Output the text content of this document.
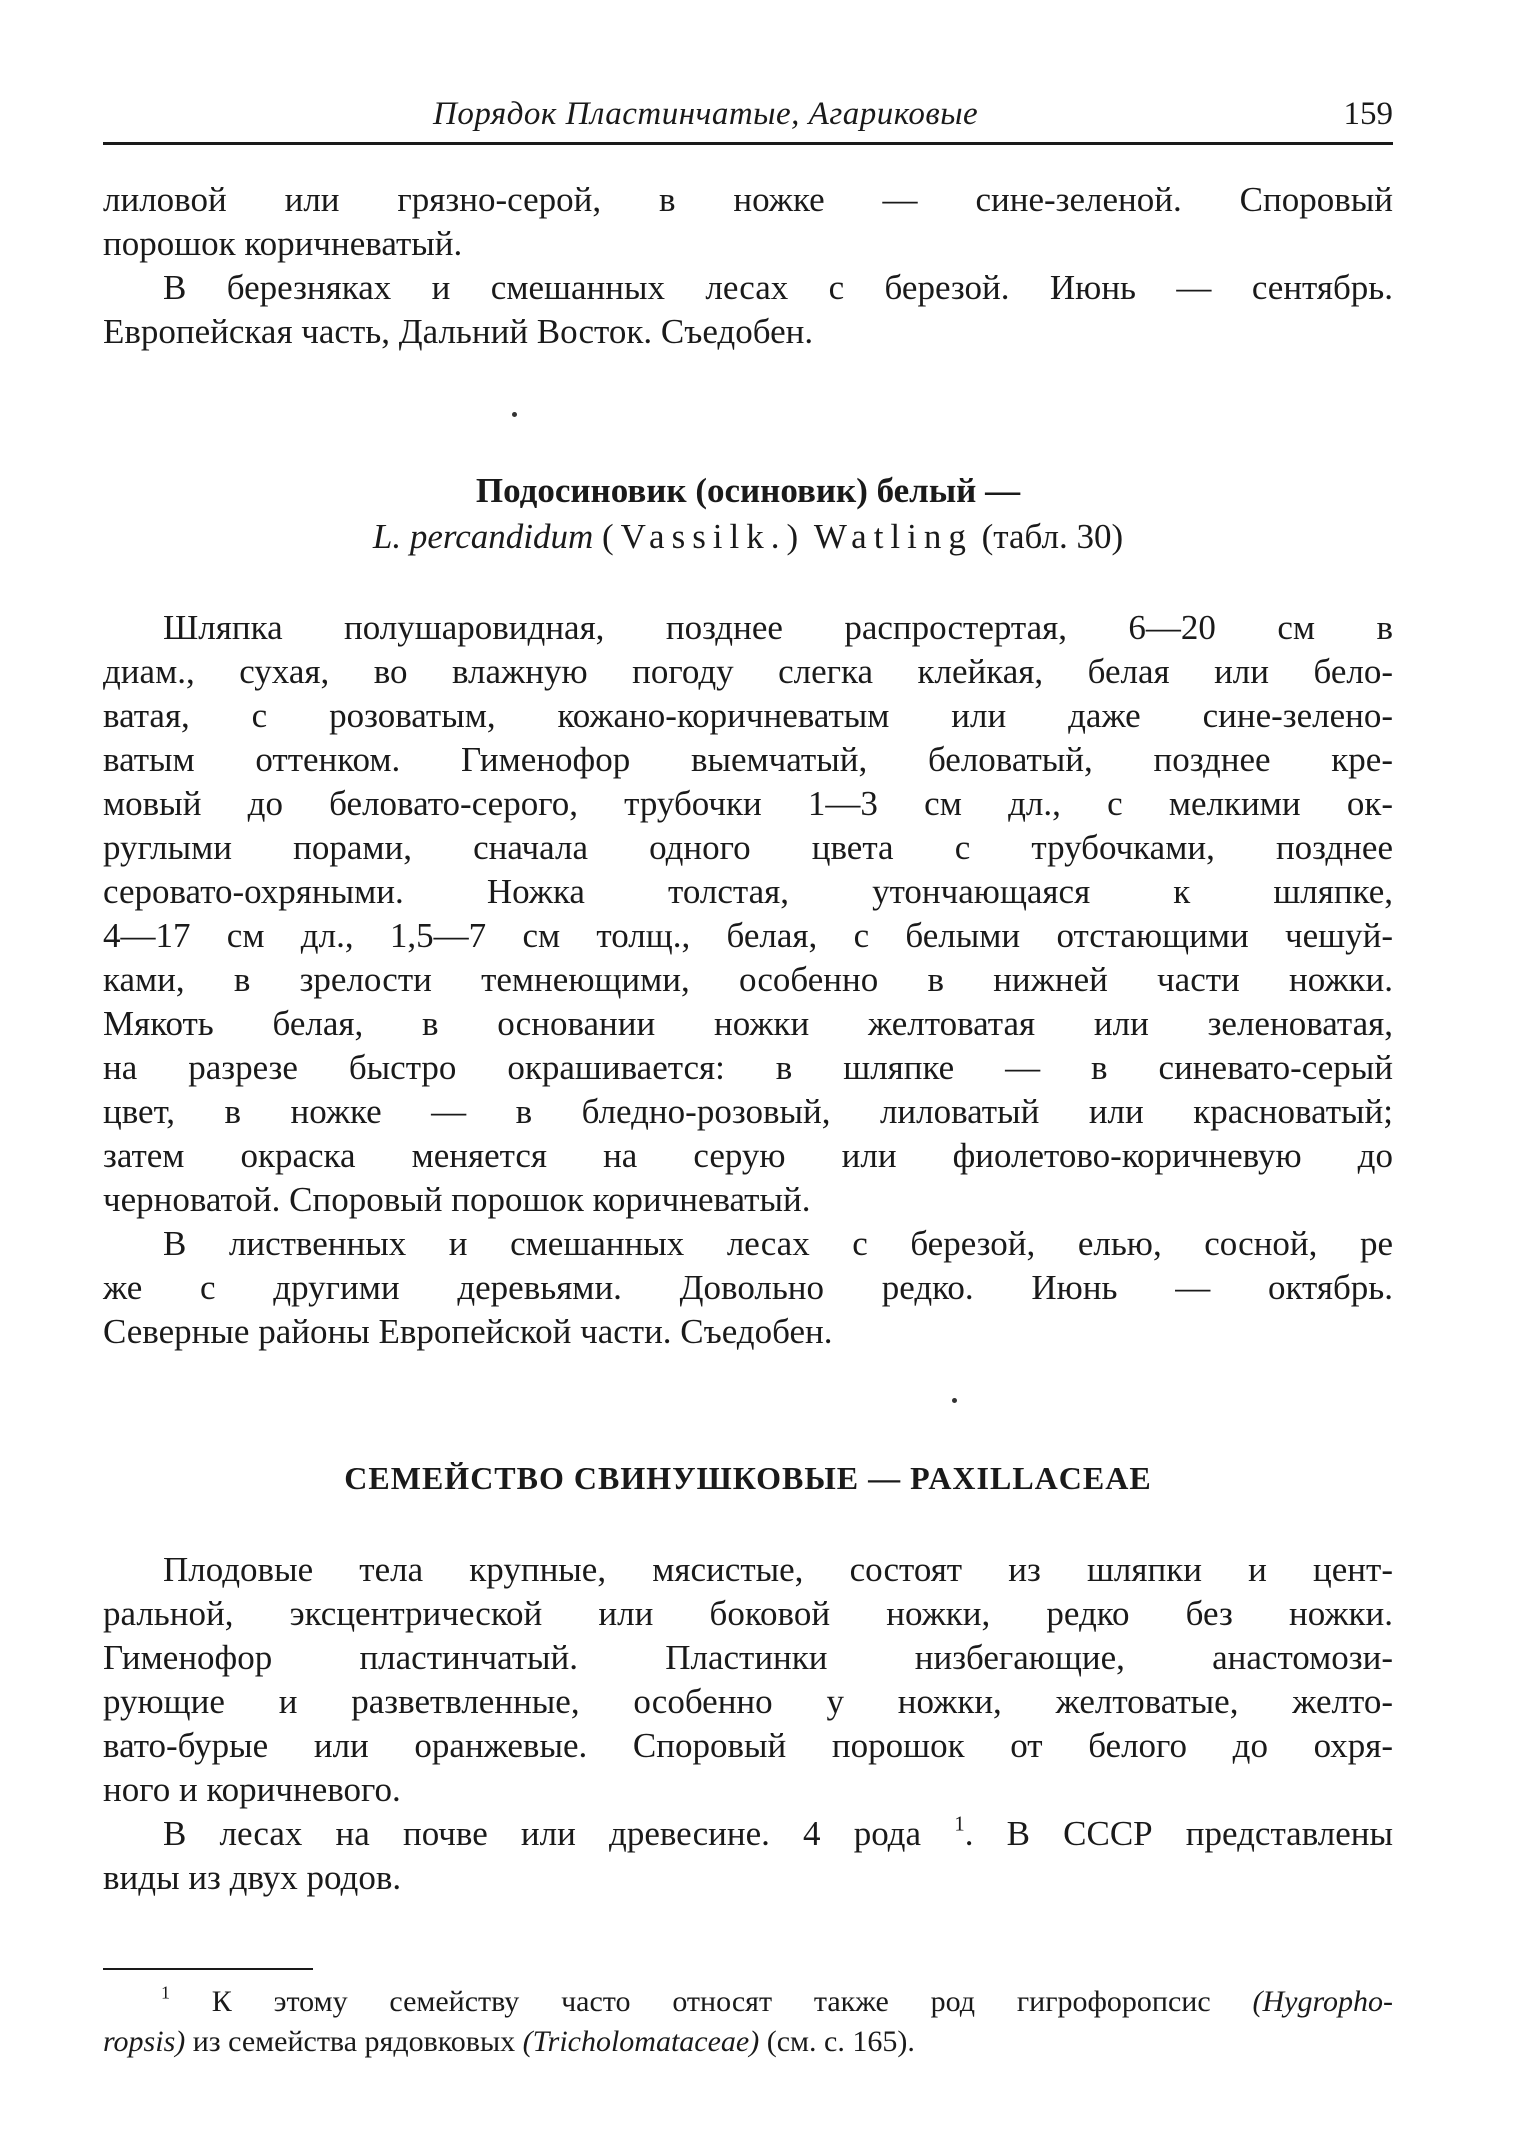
Порядок Пластинчатые, Агариковые	159

лиловой или грязно-серой, в ножке — сине-зеленой. Споровый
порошок коричневатый.
В березняках и смешанных лесах с березой. Июнь — сентябрь.
Европейская часть, Дальний Восток. Съедобен.

Подосиновик (осиновик) белый —
L. percandidum (Vassilk.) Watling (табл. 30)

Шляпка полушаровидная, позднее распростертая, 6—20 см в
диам., сухая, во влажную погоду слегка клейкая, белая или бело-
ватая, с розоватым, кожано-коричневатым или даже сине-зелено-
ватым оттенком. Гименофор выемчатый, беловатый, позднее кре-
мовый до беловато-серого, трубочки 1—3 см дл., с мелкими ок-
руглыми порами, сначала одного цвета с трубочками, позднее
серовато-охряными. Ножка толстая, утончающаяся к шляпке,
4—17 см дл., 1,5—7 см толщ., белая, с белыми отстающими чешуй-
ками, в зрелости темнеющими, особенно в нижней части ножки.
Мякоть белая, в основании ножки желтоватая или зеленоватая,
на разрезе быстро окрашивается: в шляпке — в синевато-серый
цвет, в ножке — в бледно-розовый, лиловатый или красноватый;
затем окраска меняется на серую или фиолетово-коричневую до
черноватой. Споровый порошок коричневатый.
В лиственных и смешанных лесах с березой, елью, сосной, ре
же с другими деревьями. Довольно редко. Июнь — октябрь.
Северные районы Европейской части. Съедобен.

СЕМЕЙСТВО СВИНУШКОВЫЕ — PAXILLACEAE

Плодовые тела крупные, мясистые, состоят из шляпки и цент-
ральной, эксцентрической или боковой ножки, редко без ножки.
Гименофор пластинчатый. Пластинки низбегающие, анастомози-
рующие и разветвленные, особенно у ножки, желтоватые, желто-
вато-бурые или оранжевые. Споровый порошок от белого до охря-
ного и коричневого.
В лесах на почве или древесине. 4 рода $^1$. В СССР представлены
виды из двух родов.

$^1$ К этому семейству часто относят также род гигрофоропсис (Hygropho-
ropsis) из семейства рядовковых (Tricholomataceae) (см. с. 165).
